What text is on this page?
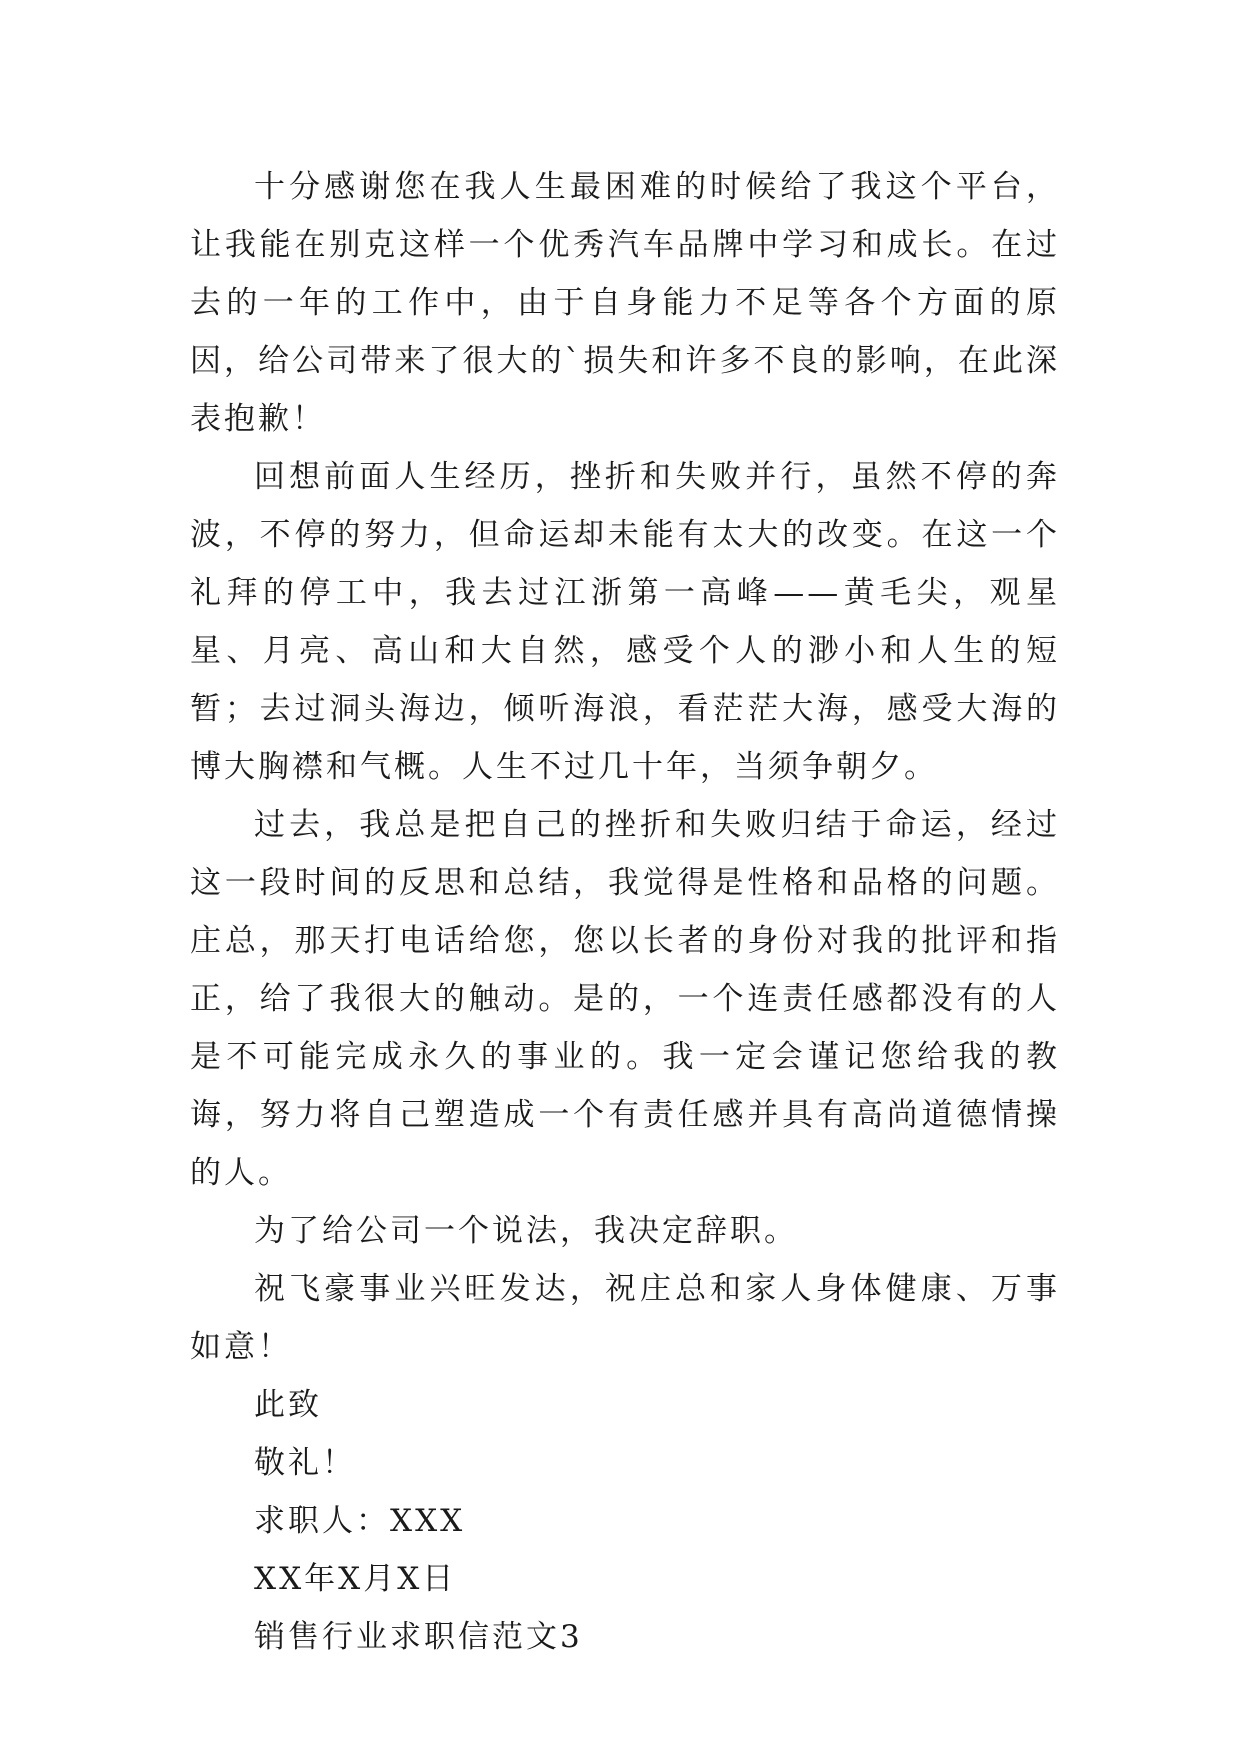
十分感谢您在我人生最困难的时候给了我这个平台，让我能在别克这样一个优秀汽车品牌中学习和成长。在过去的一年的工作中，由于自身能力不足等各个方面的原因，给公司带来了很大的`损失和许多不良的影响，在此深表抱歉！

回想前面人生经历，挫折和失败并行，虽然不停的奔波，不停的努力，但命运却未能有太大的改变。在这一个礼拜的停工中，我去过江浙第一高峰——黄毛尖，观星星、月亮、高山和大自然，感受个人的渺小和人生的短暂；去过洞头海边，倾听海浪，看茫茫大海，感受大海的博大胸襟和气概。人生不过几十年，当须争朝夕。

过去，我总是把自己的挫折和失败归结于命运，经过这一段时间的反思和总结，我觉得是性格和品格的问题。庄总，那天打电话给您，您以长者的身份对我的批评和指正，给了我很大的触动。是的，一个连责任感都没有的人是不可能完成永久的事业的。我一定会谨记您给我的教诲，努力将自己塑造成一个有责任感并具有高尚道德情操的人。

为了给公司一个说法，我决定辞职。

祝飞豪事业兴旺发达，祝庄总和家人身体健康、万事如意！

此致

敬礼！

求职人：XXX

XX年X月X日

销售行业求职信范文3
